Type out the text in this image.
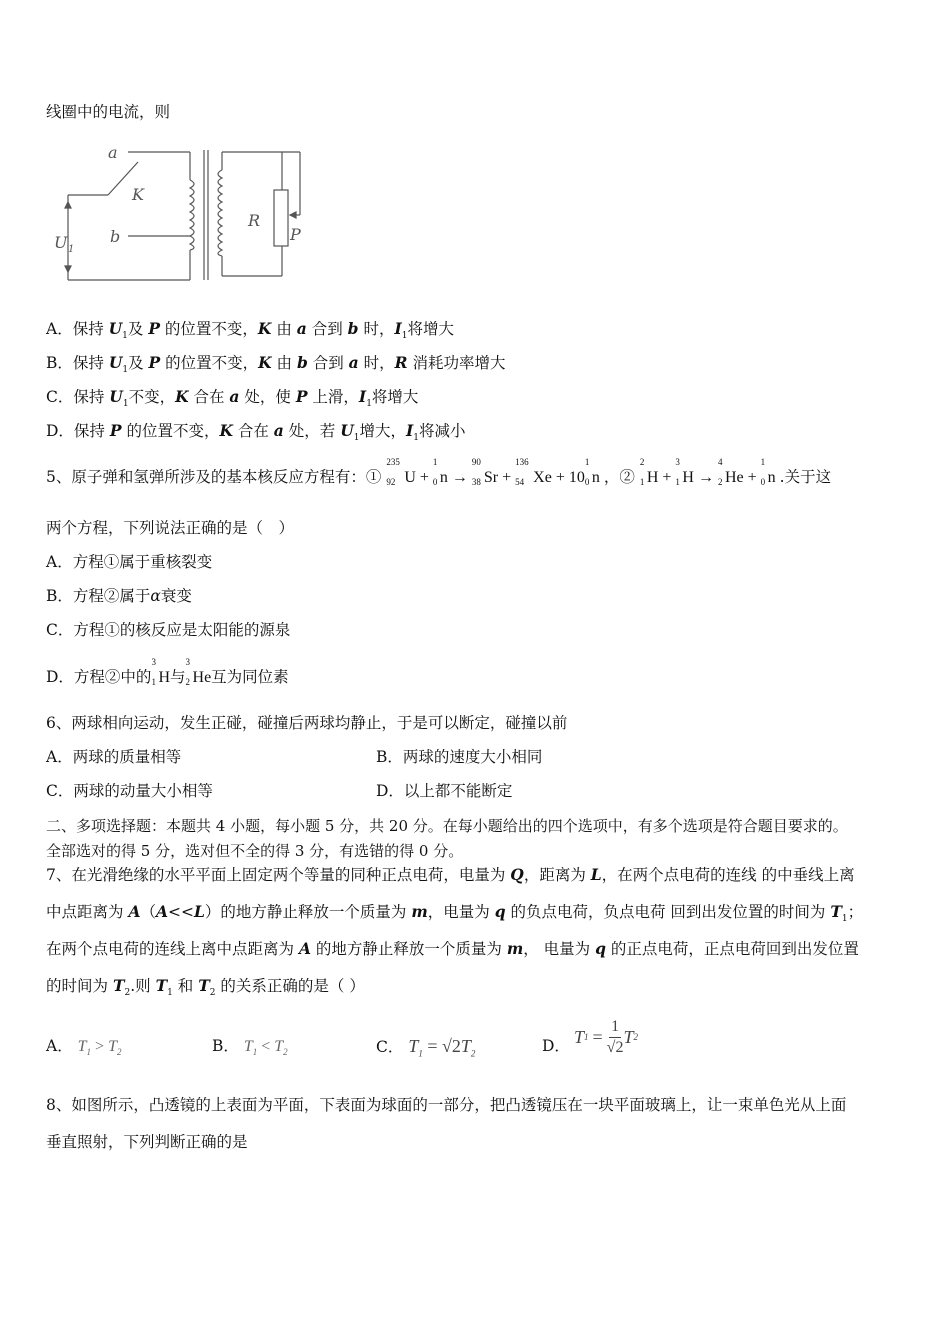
线圈中的电流，则
a
K
b
U 1
R
P
A．保持 $U_1$及 P 的位置不变，K 由 a 合到 b 时，$I_1$将增大
B．保持 $U_1$及 P 的位置不变，K 由 b 合到 a 时，R 消耗功率增大
C．保持 $U_1$不变，K 合在 a 处，使 P 上滑，$I_1$将增大
D．保持 P 的位置不变，K 合在 a 处，若 $U_1$增大，$I_1$将减小
5、原子弹和氢弹所涉及的基本核反应方程有：①
235
92 U +
1
0 n →
90
38 Sr +
136
54 Xe + 10
1
0 n ，②
2
1 H +
3
1 H →
4
2 He +
1
0 n .关于这
两个方程，下列说法正确的是（　）
A．方程①属于重核裂变
B．方程②属于α衰变
C．方程①的核反应是太阳能的源泉
D．方程②中的
3
1 H与
3
2 He互为同位素
6、两球相向运动，发生正碰，碰撞后两球均静止，于是可以断定，碰撞以前
A．两球的质量相等	B．两球的速度大小相同
C．两球的动量大小相等	D．以上都不能断定
二、多项选择题：本题共 4 小题，每小题 5 分，共 20 分。在每小题给出的四个选项中，有多个选项是符合题目要求的。
全部选对的得 5 分，选对但不全的得 3 分，有选错的得 0 分。
7、在光滑绝缘的水平平面上固定两个等量的同种正点电荷，电量为 Q，距离为 L，在两个点电荷的连线 的中垂线上离
中点距离为 A（A<<L）的地方静止释放一个质量为 m，电量为 q 的负点电荷，负点电荷 回到出发位置的时间为 $T_1$；
在两个点电荷的连线上离中点距离为 A 的地方静止释放一个质量为 m， 电量为 q 的正点电荷，正点电荷回到出发位置
的时间为 $T_2$.则 $T_1$ 和 $T_2$ 的关系正确的是（ ）
A． $T_1 > T_2$	B． $T_1 < T_2$	C． $T_1 = √2T_2$	D． T $1 = \frac{1}{√2}$ T 2
8、如图所示，凸透镜的上表面为平面，下表面为球面的一部分，把凸透镜压在一块平面玻璃上，让一束单色光从上面
垂直照射，下列判断正确的是
